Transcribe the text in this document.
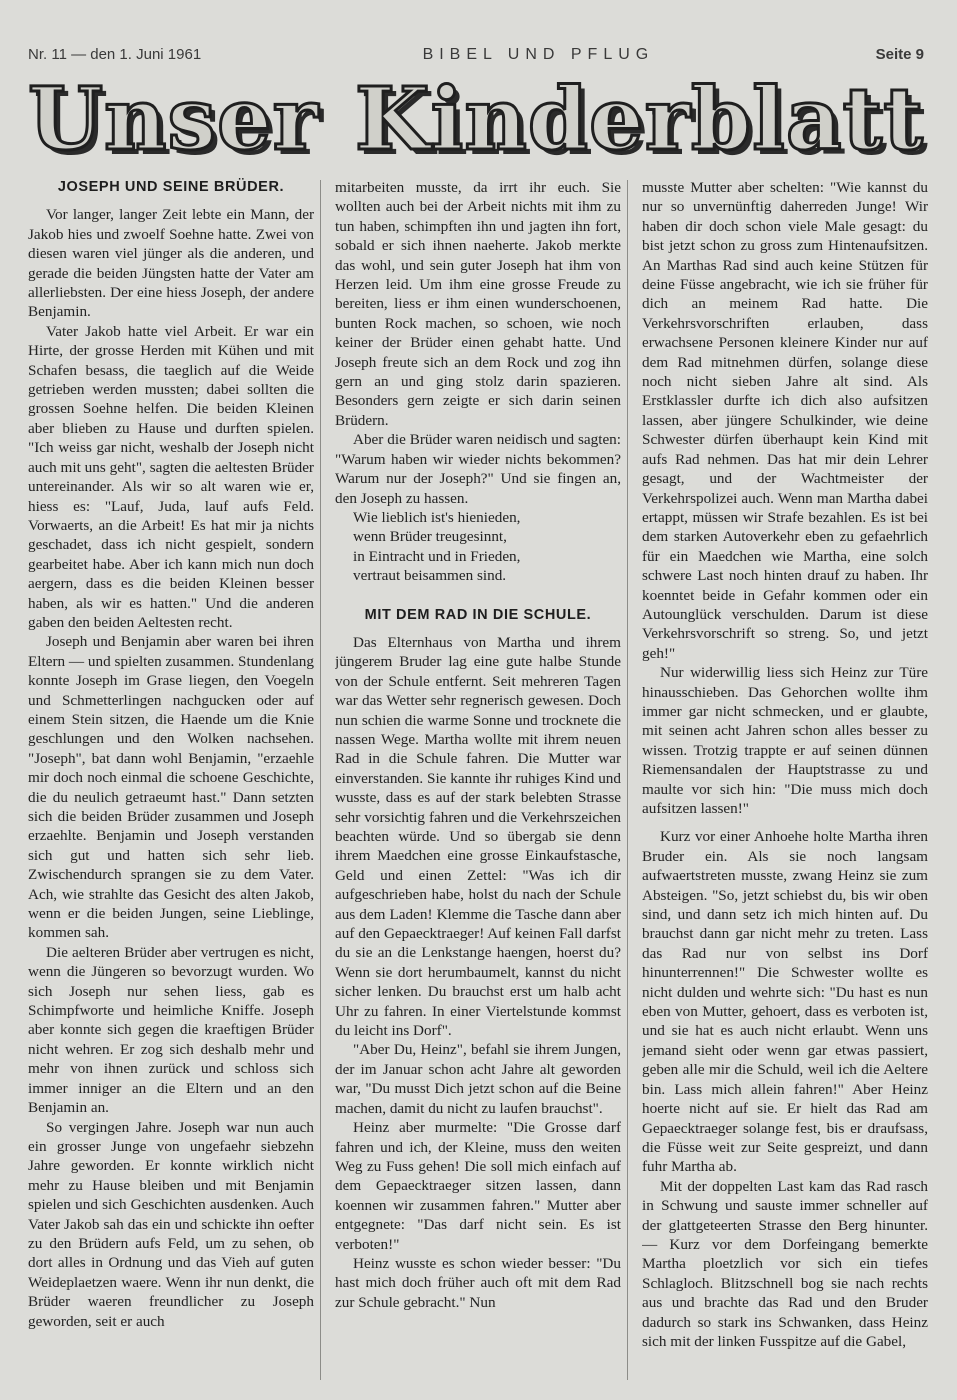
Nr. 11 — den 1. Juni 1961	BIBEL UND PFLUG	Seite 9
Unser Kinderblatt
JOSEPH UND SEINE BRÜDER.

Vor langer, langer Zeit lebte ein Mann, der Jakob hies und zwoelf Soehne hatte. Zwei von diesen waren viel jünger als die anderen, und gerade die beiden Jüngsten hatte der Vater am allerliebsten. Der eine hiess Joseph, der andere Benjamin.

Vater Jakob hatte viel Arbeit. Er war ein Hirte, der grosse Herden mit Kühen und mit Schafen besass, die taeglich auf die Weide getrieben werden mussten; dabei sollten die grossen Soehne helfen. Die beiden Kleinen aber blieben zu Hause und durften spielen. "Ich weiss gar nicht, weshalb der Joseph nicht auch mit uns geht", sagten die aeltesten Brüder untereinander. Als wir so alt waren wie er, hiess es: "Lauf, Juda, lauf aufs Feld. Vorwaerts, an die Arbeit! Es hat mir ja nichts geschadet, dass ich nicht gespielt, sondern gearbeitet habe. Aber ich kann mich nun doch aergern, dass es die beiden Kleinen besser haben, als wir es hatten." Und die anderen gaben den beiden Aeltesten recht.

Joseph und Benjamin aber waren bei ihren Eltern — und spielten zusammen. Stundenlang konnte Joseph im Grase liegen, den Voegeln und Schmetterlingen nachgucken oder auf einem Stein sitzen, die Haende um die Knie geschlungen und den Wolken nachsehen. "Joseph", bat dann wohl Benjamin, "erzaehle mir doch noch einmal die schoene Geschichte, die du neulich getraeumt hast." Dann setzten sich die beiden Brüder zusammen und Joseph erzaehlte. Benjamin und Joseph verstanden sich gut und hatten sich sehr lieb. Zwischendurch sprangen sie zu dem Vater. Ach, wie strahlte das Gesicht des alten Jakob, wenn er die beiden Jungen, seine Lieblinge, kommen sah.

Die aelteren Brüder aber vertrugen es nicht, wenn die Jüngeren so bevorzugt wurden. Wo sich Joseph nur sehen liess, gab es Schimpfworte und heimliche Kniffe. Joseph aber konnte sich gegen die kraeftigen Brüder nicht wehren. Er zog sich deshalb mehr und mehr von ihnen zurück und schloss sich immer inniger an die Eltern und an den Benjamin an.

So vergingen Jahre. Joseph war nun auch ein grosser Junge von ungefaehr siebzehn Jahre geworden. Er konnte wirklich nicht mehr zu Hause bleiben und mit Benjamin spielen und sich Geschichten ausdenken. Auch Vater Jakob sah das ein und schickte ihn oefter zu den Brüdern aufs Feld, um zu sehen, ob dort alles in Ordnung und das Vieh auf guten Weideplaetzen waere. Wenn ihr nun denkt, die Brüder waeren freundlicher zu Joseph geworden, seit er auch

mitarbeiten musste, da irrt ihr euch. Sie wollten auch bei der Arbeit nichts mit ihm zu tun haben, schimpften ihn und jagten ihn fort, sobald er sich ihnen naeherte. Jakob merkte das wohl, und sein guter Joseph hat ihm von Herzen leid. Um ihm eine grosse Freude zu bereiten, liess er ihm einen wunderschoenen, bunten Rock machen, so schoen, wie noch keiner der Brüder einen gehabt hatte. Und Joseph freute sich an dem Rock und zog ihn gern an und ging stolz darin spazieren. Besonders gern zeigte er sich darin seinen Brüdern.

Aber die Brüder waren neidisch und sagten: "Warum haben wir wieder nichts bekommen? Warum nur der Joseph?" Und sie fingen an, den Joseph zu hassen.

Wie lieblich ist's hienieden,

wenn Brüder treugesinnt,

in Eintracht und in Frieden,

vertraut beisammen sind.

MIT DEM RAD IN DIE SCHULE.

Das Elternhaus von Martha und ihrem jüngerem Bruder lag eine gute halbe Stunde von der Schule entfernt. Seit mehreren Tagen war das Wetter sehr regnerisch gewesen. Doch nun schien die warme Sonne und trocknete die nassen Wege. Martha wollte mit ihrem neuen Rad in die Schule fahren. Die Mutter war einverstanden. Sie kannte ihr ruhiges Kind und wusste, dass es auf der stark belebten Strasse sehr vorsichtig fahren und die Verkehrszeichen beachten würde. Und so übergab sie denn ihrem Maedchen eine grosse Einkaufstasche, Geld und einen Zettel: "Was ich dir aufgeschrieben habe, holst du nach der Schule aus dem Laden! Klemme die Tasche dann aber auf den Gepaecktraeger! Auf keinen Fall darfst du sie an die Lenkstange haengen, hoerst du? Wenn sie dort herumbaumelt, kannst du nicht sicher lenken. Du brauchst erst um halb acht Uhr zu fahren. In einer Viertelstunde kommst du leicht ins Dorf".

"Aber Du, Heinz", befahl sie ihrem Jungen, der im Januar schon acht Jahre alt geworden war, "Du musst Dich jetzt schon auf die Beine machen, damit du nicht zu laufen brauchst".

Heinz aber murmelte: "Die Grosse darf fahren und ich, der Kleine, muss den weiten Weg zu Fuss gehen! Die soll mich einfach auf dem Gepaecktraeger sitzen lassen, dann koennen wir zusammen fahren." Mutter aber entgegnete: "Das darf nicht sein. Es ist verboten!"

Heinz wusste es schon wieder besser: "Du hast mich doch früher auch oft mit dem Rad zur Schule gebracht." Nun

musste Mutter aber schelten: "Wie kannst du nur so unvernünftig daherreden Junge! Wir haben dir doch schon viele Male gesagt: du bist jetzt schon zu gross zum Hintenaufsitzen. An Marthas Rad sind auch keine Stützen für deine Füsse angebracht, wie ich sie früher für dich an meinem Rad hatte. Die Verkehrsvorschriften erlauben, dass erwachsene Personen kleinere Kinder nur auf dem Rad mitnehmen dürfen, solange diese noch nicht sieben Jahre alt sind. Als Erstklassler durfte ich dich also aufsitzen lassen, aber jüngere Schulkinder, wie deine Schwester dürfen überhaupt kein Kind mit aufs Rad nehmen. Das hat mir dein Lehrer gesagt, und der Wachtmeister der Verkehrspolizei auch. Wenn man Martha dabei ertappt, müssen wir Strafe bezahlen. Es ist bei dem starken Autoverkehr eben zu gefaehrlich für ein Maedchen wie Martha, eine solch schwere Last noch hinten drauf zu haben. Ihr koenntet beide in Gefahr kommen oder ein Autounglück verschulden. Darum ist diese Verkehrsvorschrift so streng. So, und jetzt geh!"

Nur widerwillig liess sich Heinz zur Türe hinausschieben. Das Gehorchen wollte ihm immer gar nicht schmecken, und er glaubte, mit seinen acht Jahren schon alles besser zu wissen. Trotzig trappte er auf seinen dünnen Riemensandalen der Hauptstrasse zu und maulte vor sich hin: "Die muss mich doch aufsitzen lassen!"

Kurz vor einer Anhoehe holte Martha ihren Bruder ein. Als sie noch langsam aufwaertstreten musste, zwang Heinz sie zum Absteigen. "So, jetzt schiebst du, bis wir oben sind, und dann setz ich mich hinten auf. Du brauchst dann gar nicht mehr zu treten. Lass das Rad nur von selbst ins Dorf hinunterrennen!" Die Schwester wollte es nicht dulden und wehrte sich: "Du hast es nun eben von Mutter, gehoert, dass es verboten ist, und sie hat es auch nicht erlaubt. Wenn uns jemand sieht oder wenn gar etwas passiert, geben alle mir die Schuld, weil ich die Aeltere bin. Lass mich allein fahren!" Aber Heinz hoerte nicht auf sie. Er hielt das Rad am Gepaecktraeger solange fest, bis er draufsass, die Füsse weit zur Seite gespreizt, und dann fuhr Martha ab.

Mit der doppelten Last kam das Rad rasch in Schwung und sauste immer schneller auf der glattgeteerten Strasse den Berg hinunter. — Kurz vor dem Dorfeingang bemerkte Martha ploetzlich vor sich ein tiefes Schlagloch. Blitzschnell bog sie nach rechts aus und brachte das Rad und den Bruder dadurch so stark ins Schwanken, dass Heinz sich mit der linken Fusspitze auf die Gabel,
